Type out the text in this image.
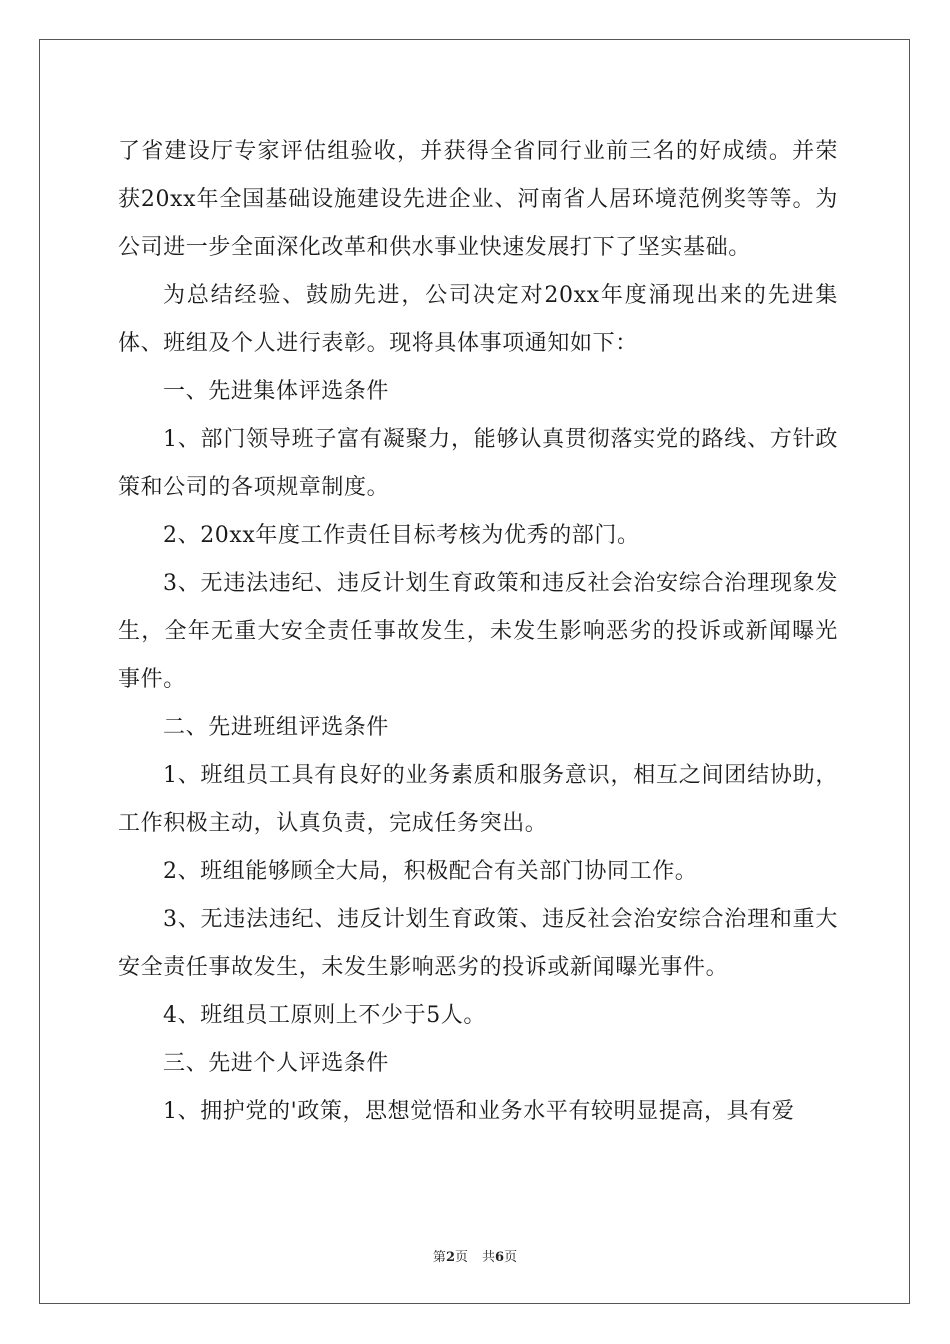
了省建设厅专家评估组验收，并获得全省同行业前三名的好成绩。并荣获20xx年全国基础设施建设先进企业、河南省人居环境范例奖等等。为公司进一步全面深化改革和供水事业快速发展打下了坚实基础。

为总结经验、鼓励先进，公司决定对20xx年度涌现出来的先进集体、班组及个人进行表彰。现将具体事项通知如下：

一、先进集体评选条件

1、部门领导班子富有凝聚力，能够认真贯彻落实党的路线、方针政策和公司的各项规章制度。

2、20xx年度工作责任目标考核为优秀的部门。

3、无违法违纪、违反计划生育政策和违反社会治安综合治理现象发生，全年无重大安全责任事故发生，未发生影响恶劣的投诉或新闻曝光事件。

二、先进班组评选条件

1、班组员工具有良好的业务素质和服务意识，相互之间团结协助，工作积极主动，认真负责，完成任务突出。

2、班组能够顾全大局，积极配合有关部门协同工作。

3、无违法违纪、违反计划生育政策、违反社会治安综合治理和重大安全责任事故发生，未发生影响恶劣的投诉或新闻曝光事件。

4、班组员工原则上不少于5人。

三、先进个人评选条件

1、拥护党的'政策，思想觉悟和业务水平有较明显提高，具有爱

第2页 共6页
